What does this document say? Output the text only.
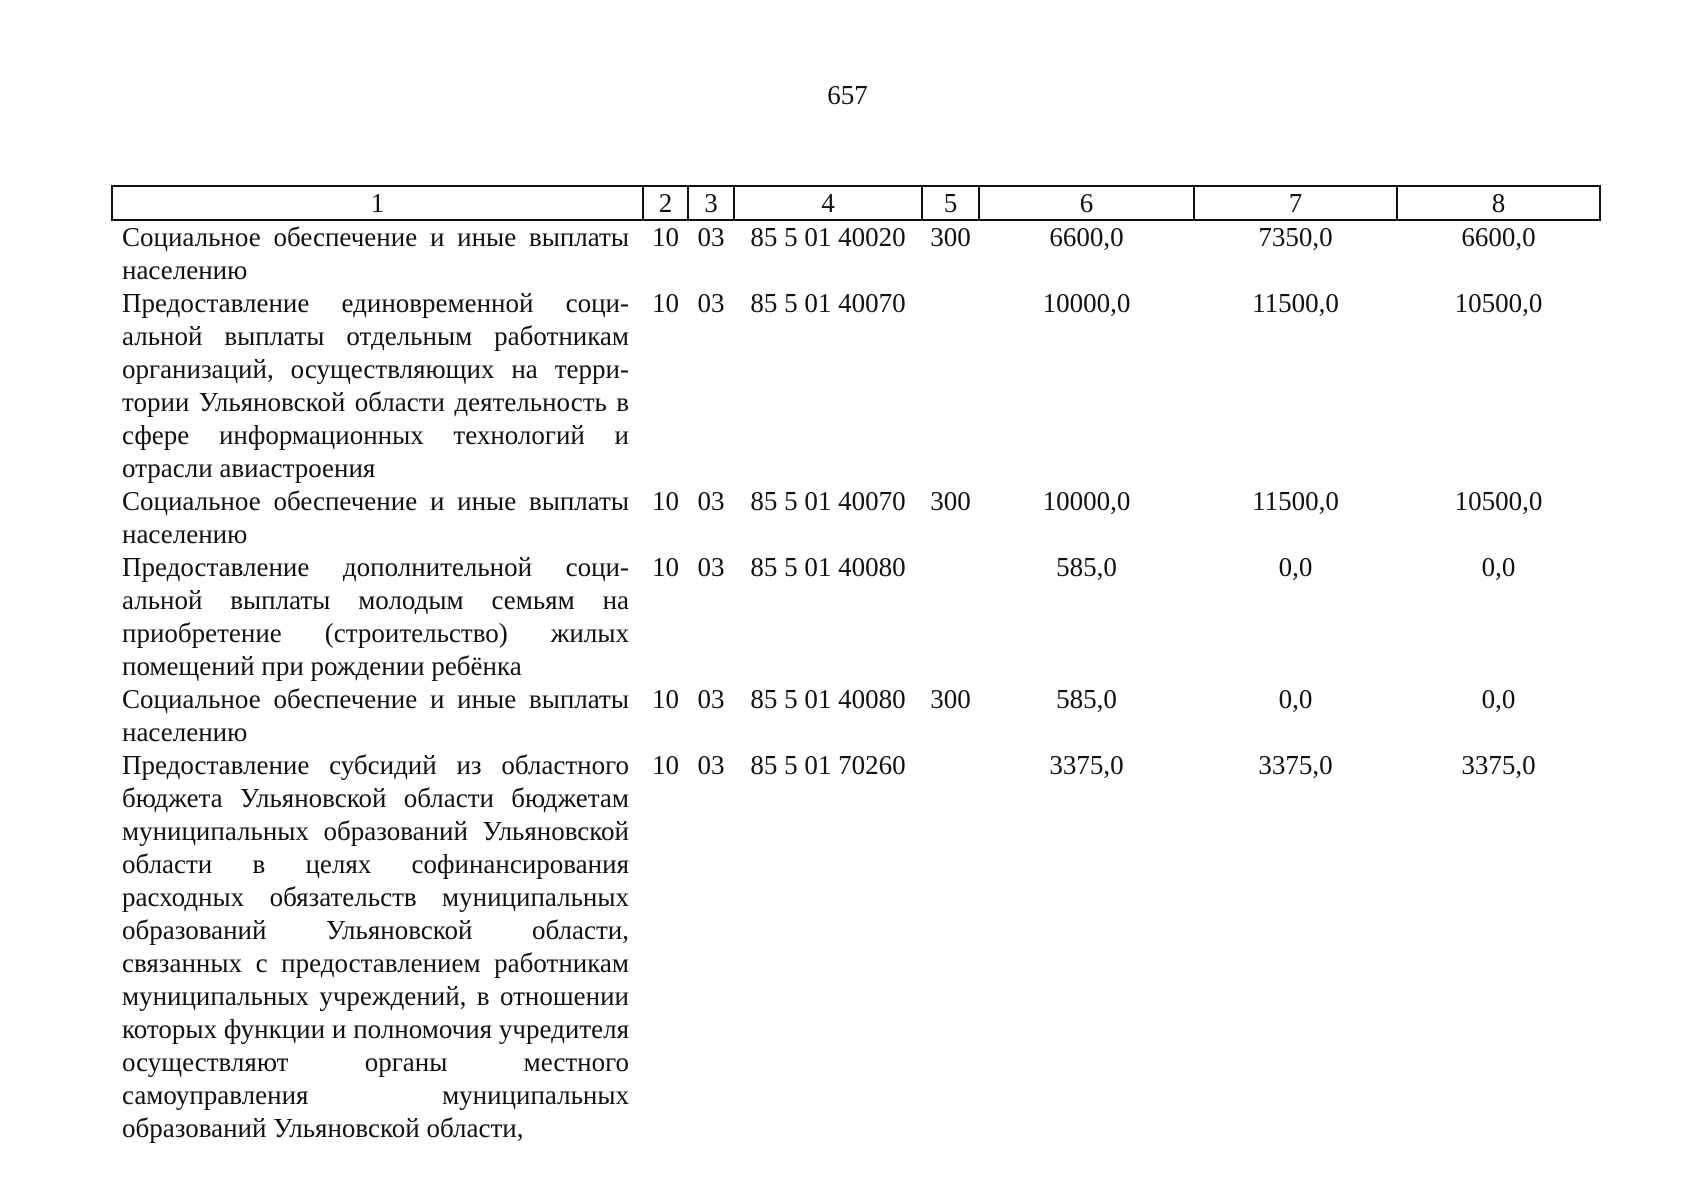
657
1	2	3	4	5	6	7	8

Социальное обеспечение и иные выплаты населению	10	03	85 5 01 40020	300	6600,0	7350,0	6600,0

Предоставление единовременной социальной выплаты отдельным работникам организаций, осуществляющих на территории Ульяновской области деятельность в сфере информационных технологий и отрасли авиастроения	10	03	85 5 01 40070		10000,0	11500,0	10500,0

Социальное обеспечение и иные выплаты населению	10	03	85 5 01 40070	300	10000,0	11500,0	10500,0

Предоставление дополнительной социальной выплаты молодым семьям на приобретение (строительство) жилых помещений при рождении ребёнка	10	03	85 5 01 40080		585,0	0,0	0,0

Социальное обеспечение и иные выплаты населению	10	03	85 5 01 40080	300	585,0	0,0	0,0

Предоставление субсидий из областного бюджета Ульяновской области бюджетам муниципальных образований Ульяновской области в целях софинансирования расходных обязательств муниципальных образований Ульяновской области, связанных с предоставлением работникам муниципальных учреждений, в отношении которых функции и полномочия учредителя осуществляют органы местного самоуправления муниципальных образований Ульяновской области,	10	03	85 5 01 70260		3375,0	3375,0	3375,0
